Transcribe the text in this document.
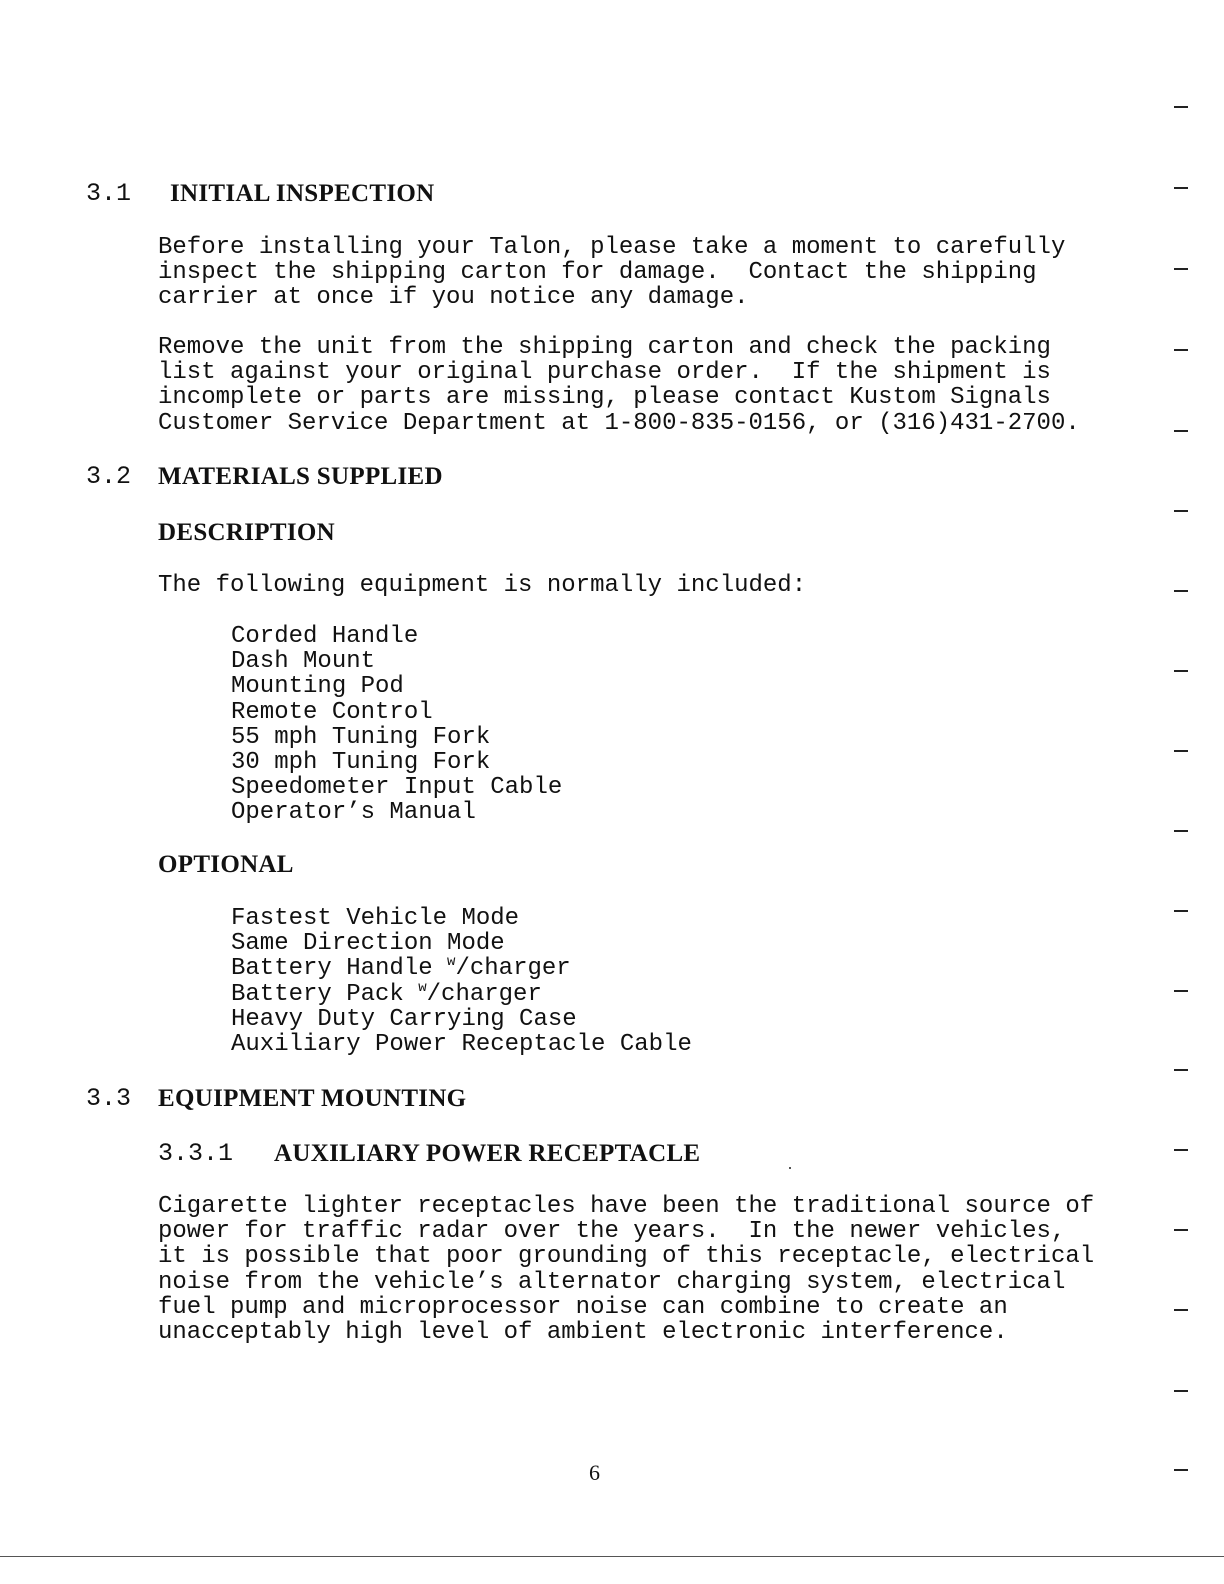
3.1 INITIAL INSPECTION
Before installing your Talon, please take a moment to carefully
inspect the shipping carton for damage.  Contact the shipping
carrier at once if you notice any damage.
Remove the unit from the shipping carton and check the packing
list against your original purchase order.  If the shipment is
incomplete or parts are missing, please contact Kustom Signals
Customer Service Department at 1-800-835-0156, or (316)431-2700.
3.2 MATERIALS SUPPLIED
DESCRIPTION
The following equipment is normally included:
Corded Handle
Dash Mount
Mounting Pod
Remote Control
55 mph Tuning Fork
30 mph Tuning Fork
Speedometer Input Cable
Operator’s Manual
OPTIONAL
Fastest Vehicle Mode
Same Direction Mode
Battery Handle $^w$/charger
Battery Pack $^w$/charger
Heavy Duty Carrying Case
Auxiliary Power Receptacle Cable
3.3 EQUIPMENT MOUNTING
3.3.1 AUXILIARY POWER RECEPTACLE
Cigarette lighter receptacles have been the traditional source of
power for traffic radar over the years.  In the newer vehicles,
it is possible that poor grounding of this receptacle, electrical
noise from the vehicle’s alternator charging system, electrical
fuel pump and microprocessor noise can combine to create an
unacceptably high level of ambient electronic interference.
6
